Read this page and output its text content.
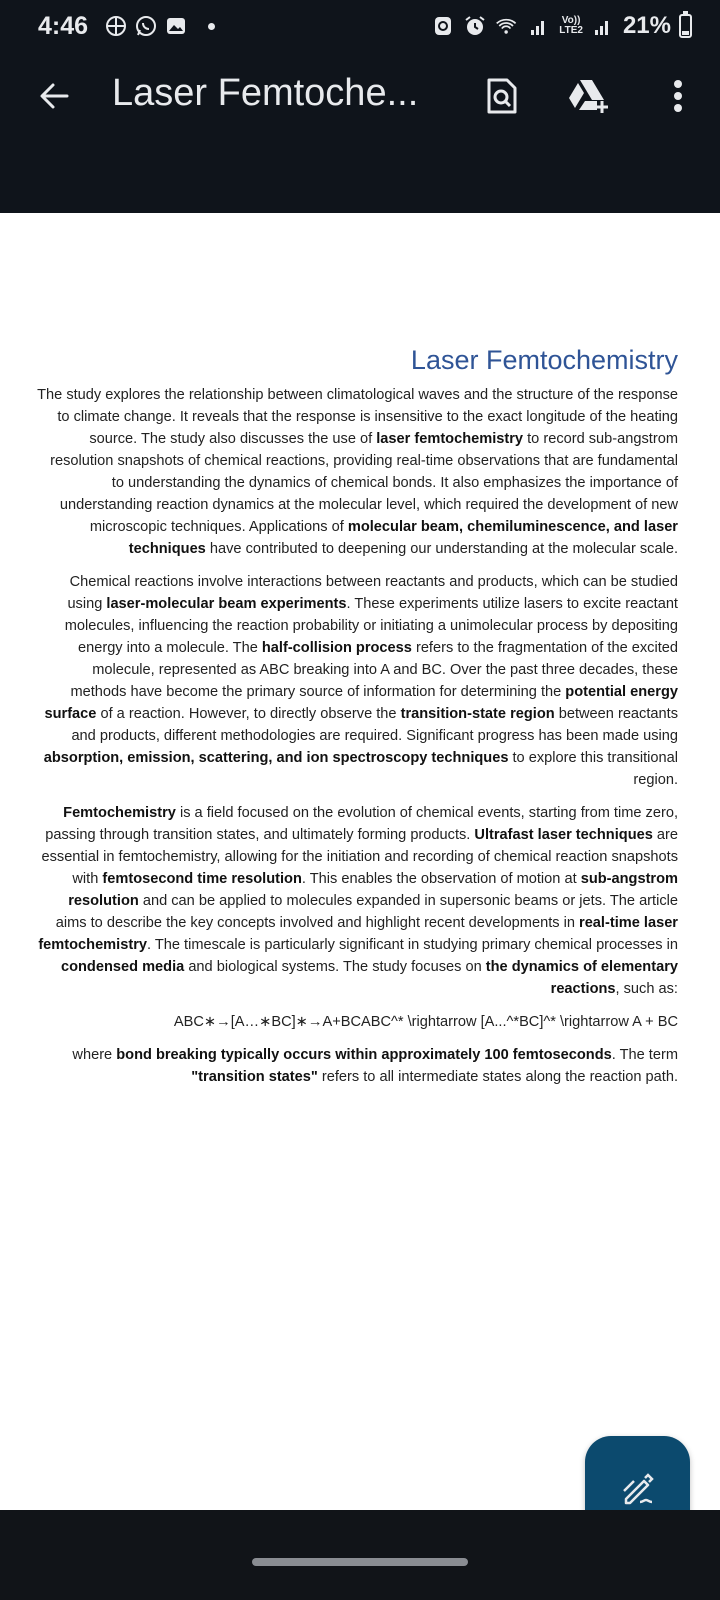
4:46	Vo))
LTE2 21%
Laser Femtoche...
Laser Femtochemistry

The study explores the relationship between climatological waves and the structure of the response to climate change. It reveals that the response is insensitive to the exact longitude of the heating source. The study also discusses the use of laser femtochemistry to record sub-angstrom resolution snapshots of chemical reactions, providing real-time observations that are fundamental to understanding the dynamics of chemical bonds. It also emphasizes the importance of understanding reaction dynamics at the molecular level, which required the development of new microscopic techniques. Applications of molecular beam, chemiluminescence, and laser techniques have contributed to deepening our understanding at the molecular scale.

Chemical reactions involve interactions between reactants and products, which can be studied using laser-molecular beam experiments. These experiments utilize lasers to excite reactant molecules, influencing the reaction probability or initiating a unimolecular process by depositing energy into a molecule. The half-collision process refers to the fragmentation of the excited molecule, represented as ABC breaking into A and BC. Over the past three decades, these methods have become the primary source of information for determining the potential energy surface of a reaction. However, to directly observe the transition-state region between reactants and products, different methodologies are required. Significant progress has been made using absorption, emission, scattering, and ion spectroscopy techniques to explore this transitional region.

Femtochemistry is a field focused on the evolution of chemical events, starting from time zero, passing through transition states, and ultimately forming products. Ultrafast laser techniques are essential in femtochemistry, allowing for the initiation and recording of chemical reaction snapshots with femtosecond time resolution. This enables the observation of motion at sub-angstrom resolution and can be applied to molecules expanded in supersonic beams or jets. The article aims to describe the key concepts involved and highlight recent developments in real-time laser femtochemistry. The timescale is particularly significant in studying primary chemical processes in condensed media and biological systems. The study focuses on the dynamics of elementary reactions, such as:

ABC∗→[A…∗BC]∗→A+BCABC^* \rightarrow [A...^*BC]^* \rightarrow A + BC

where bond breaking typically occurs within approximately 100 femtoseconds. The term "transition states" refers to all intermediate states along the reaction path.
